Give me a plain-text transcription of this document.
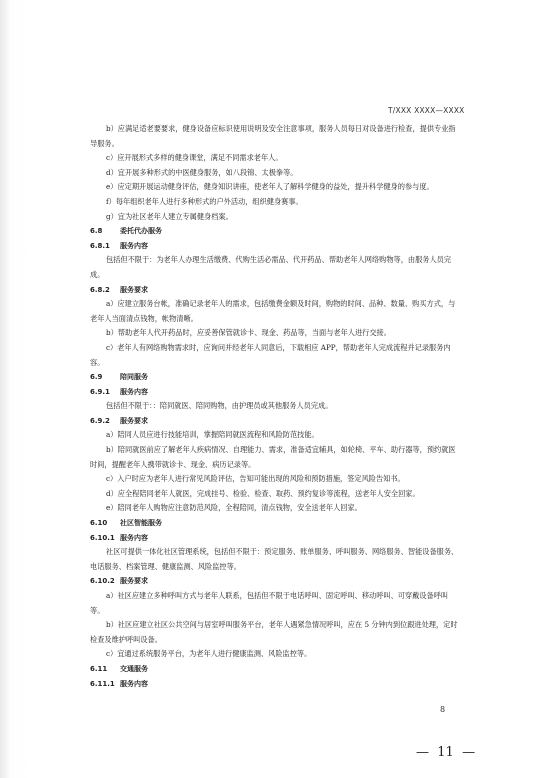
T/XXX XXXX—XXXX

b）应满足适老要要求，健身设备应标识使用说明及安全注意事项，服务人员每日对设备进行检查，提供专业指导服务。

c）应开展形式多样的健身课堂，满足不同需求老年人。

d）宜开展多种形式的中医健身服务，如八段锦、太极拳等。

e）应定期开展运动健身评估，健身知识讲座，使老年人了解科学健身的益处，提升科学健身的参与度。

f）每年组织老年人进行多种形式的户外活动，组织健身赛事。

g）宜为社区老年人建立专属健身档案。

6.8	委托代办服务

6.8.1 服务内容

包括但不限于：为老年人办理生活缴费、代购生活必需品、代开药品、帮助老年人网络购物等，由服务人员完成。

6.8.2 服务要求

a）应建立服务台帐，准确记录老年人的需求，包括缴费金额及时间，购物的时间、品种、数量、购买方式，与老年人当面清点钱物，帐物清晰。

b）帮助老年人代开药品时，应妥善保管就诊卡、现金、药品等，当面与老年人进行交接。

c）老年人有网络购物需求时，应询问并经老年人同意后，下载相应 APP，帮助老年人完成流程并记录服务内容。

6.9	陪同服务

6.9.1 服务内容

包括但不限于：：陪同就医、陪同购物，由护理员或其他服务人员完成。

6.9.2 服务要求

a）陪同人员应进行技能培训，掌握陪同就医流程和风险防范技能。

b）陪同就医前应了解老年人疾病情况、自理能力、需求，准备适宜辅具，如轮椅、平车、助行器等，预约就医时间，提醒老年人携带就诊卡、现金、病历记录等。

c）入户时应为老年人进行常见风险评估，告知可能出现的风险和预防措施，签定风险告知书。

d）应全程陪同老年人就医，完成挂号、检验、检查、取药、预约复诊等流程，送老年人安全回家。

e）陪同老年人购物应注意防范风险，全程陪同，清点钱物，安全送老年人回家。

6.10 社区智能服务

6.10.1 服务内容

社区可提供一体化社区管理系统，包括但不限于：预定服务、账单服务、呼叫服务、网络服务、智能设备服务、电话服务、档案管理、健康监测、风险监控等。

6.10.2 服务要求

a）社区应建立多种呼叫方式与老年人联系，包括但不限于电话呼叫、固定呼叫、移动呼叫、可穿戴设备呼叫等。

b）社区应建立社区公共空间与居室呼叫服务平台，老年人遇紧急情况呼叫，应在 5 分钟内到位跟进处理，定时检查及维护呼叫设备。

c）宜通过系统服务平台，为老年人进行健康监测、风险监控等。

6.11 交通服务

6.11.1 服务内容

8
—  11  —
